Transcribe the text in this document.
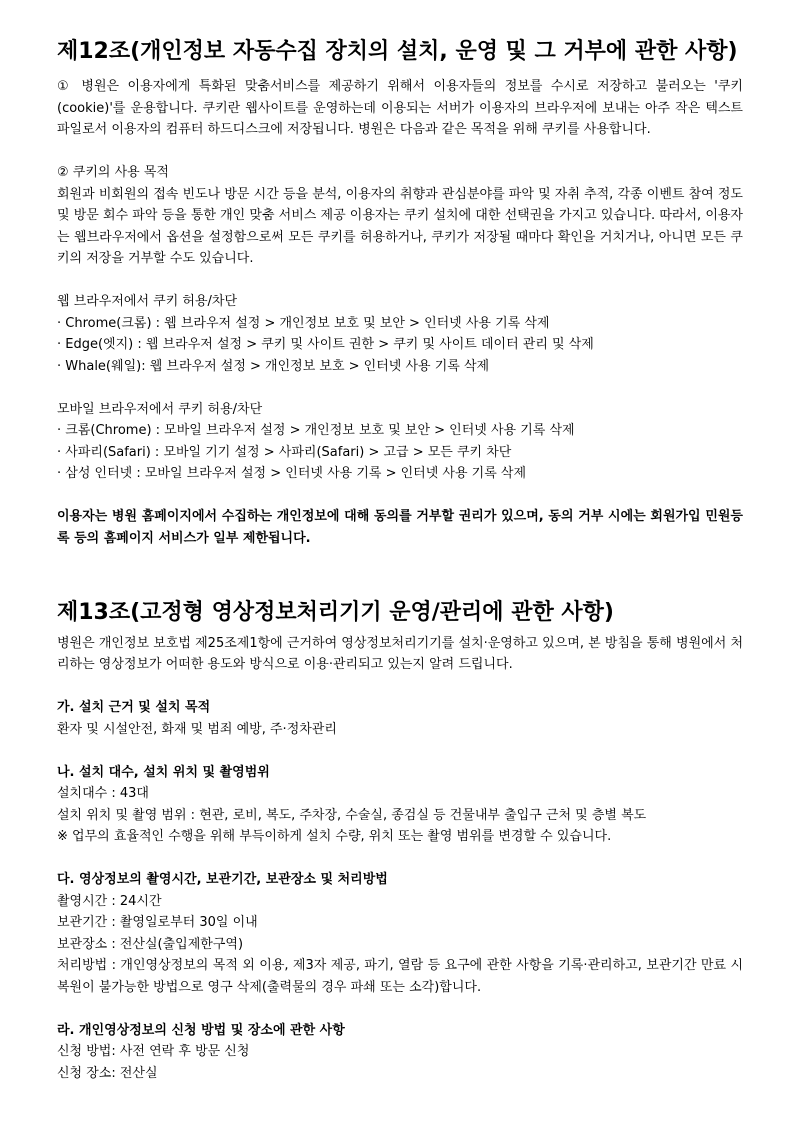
제12조(개인정보 자동수집 장치의 설치, 운영 및 그 거부에 관한 사항)

① 병원은 이용자에게 특화된 맞춤서비스를 제공하기 위해서 이용자들의 정보를 수시로 저장하고 불러오는 '쿠키(cookie)'를 운용합니다. 쿠키란 웹사이트를 운영하는데 이용되는 서버가 이용자의 브라우저에 보내는 아주 작은 텍스트 파일로서 이용자의 컴퓨터 하드디스크에 저장됩니다. 병원은 다음과 같은 목적을 위해 쿠키를 사용합니다.

② 쿠키의 사용 목적

회원과 비회원의 접속 빈도나 방문 시간 등을 분석, 이용자의 취향과 관심분야를 파악 및 자취 추적, 각종 이벤트 참여 정도 및 방문 회수 파악 등을 통한 개인 맞춤 서비스 제공 이용자는 쿠키 설치에 대한 선택권을 가지고 있습니다. 따라서, 이용자는 웹브라우저에서 옵션을 설정함으로써 모든 쿠키를 허용하거나, 쿠키가 저장될 때마다 확인을 거치거나, 아니면 모든 쿠키의 저장을 거부할 수도 있습니다.

웹 브라우저에서 쿠키 허용/차단

· Chrome(크롬) : 웹 브라우저 설정 > 개인정보 보호 및 보안 > 인터넷 사용 기록 삭제

· Edge(엣지) : 웹 브라우저 설정 > 쿠키 및 사이트 권한 > 쿠키 및 사이트 데이터 관리 및 삭제

· Whale(웨일): 웹 브라우저 설정 > 개인정보 보호 > 인터넷 사용 기록 삭제

모바일 브라우저에서 쿠키 허용/차단

· 크롬(Chrome) : 모바일 브라우저 설정 > 개인정보 보호 및 보안 > 인터넷 사용 기록 삭제

· 사파리(Safari) : 모바일 기기 설정 > 사파리(Safari) > 고급 > 모든 쿠키 차단

· 삼성 인터넷 : 모바일 브라우저 설정 > 인터넷 사용 기록 > 인터넷 사용 기록 삭제

이용자는 병원 홈페이지에서 수집하는 개인정보에 대해 동의를 거부할 권리가 있으며, 동의 거부 시에는 회원가입 민원등록 등의 홈페이지 서비스가 일부 제한됩니다.

제13조(고정형 영상정보처리기기 운영/관리에 관한 사항)

병원은 개인정보 보호법 제25조제1항에 근거하여 영상정보처리기기를 설치·운영하고 있으며, 본 방침을 통해 병원에서 처리하는 영상정보가 어떠한 용도와 방식으로 이용·관리되고 있는지 알려 드립니다.

가. 설치 근거 및 설치 목적

환자 및 시설안전, 화재 및 범죄 예방, 주‧정차관리

나. 설치 대수, 설치 위치 및 촬영범위

설치대수 : 43대

설치 위치 및 촬영 범위 : 현관, 로비, 복도, 주차장, 수술실, 종검실 등 건물내부 출입구 근처 및 층별 복도

※ 업무의 효율적인 수행을 위해 부득이하게 설치 수량, 위치 또는 촬영 범위를 변경할 수 있습니다.

다. 영상정보의 촬영시간, 보관기간, 보관장소 및 처리방법

촬영시간 : 24시간

보관기간 : 촬영일로부터 30일 이내

보관장소 : 전산실(출입제한구역)

처리방법 : 개인영상정보의 목적 외 이용, 제3자 제공, 파기, 열람 등 요구에 관한 사항을 기록‧관리하고, 보관기간 만료 시 복원이 불가능한 방법으로 영구 삭제(출력물의 경우 파쇄 또는 소각)합니다.

라. 개인영상정보의 신청 방법 및 장소에 관한 사항

신청 방법: 사전 연락 후 방문 신청

신청 장소: 전산실
